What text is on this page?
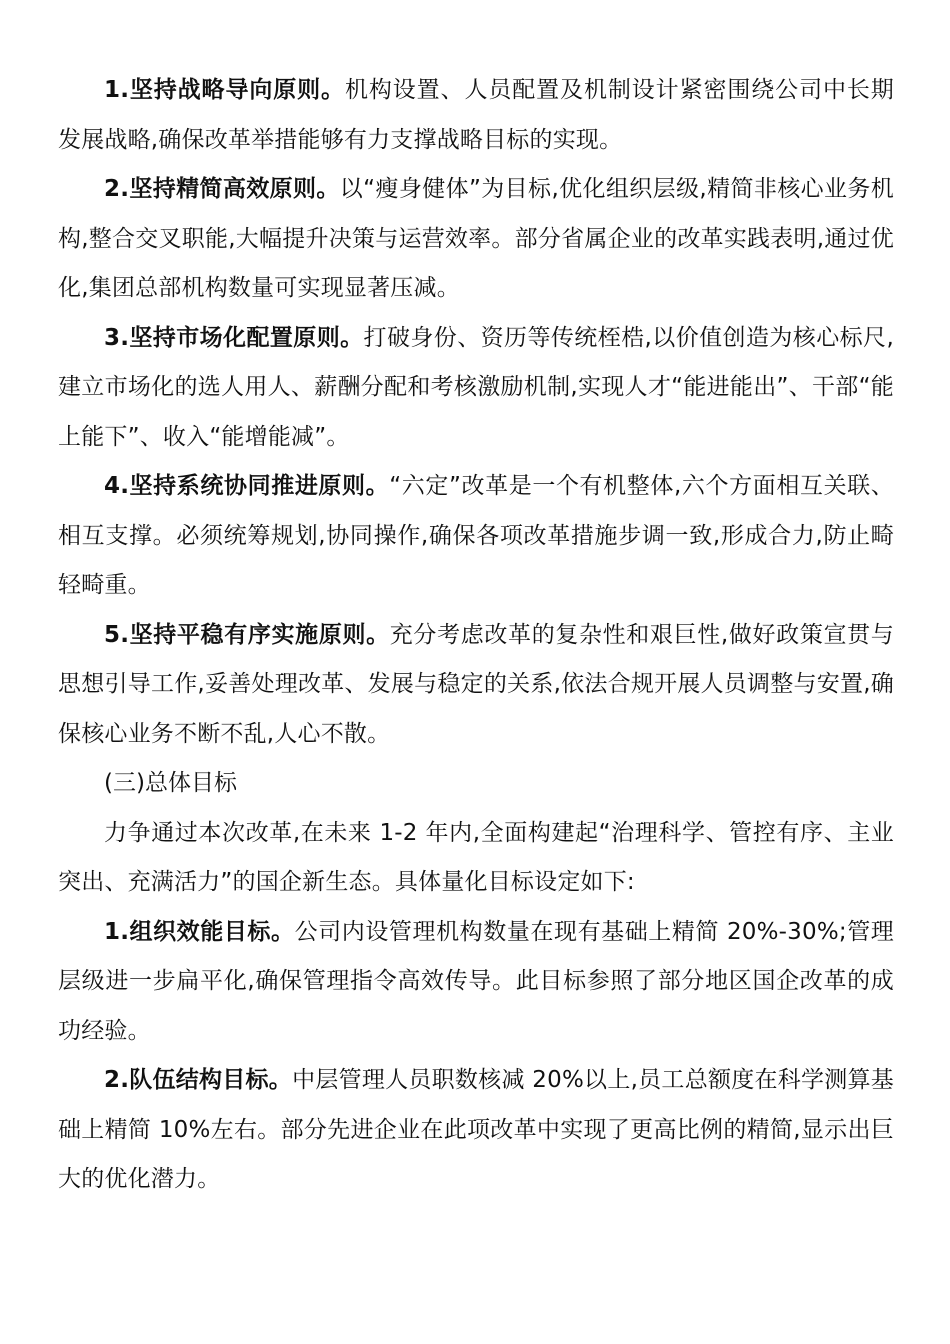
1.坚持战略导向原则。机构设置、人员配置及机制设计紧密围绕公司中长期发展战略,确保改革举措能够有力支撑战略目标的实现。

2.坚持精简高效原则。以“瘦身健体”为目标,优化组织层级,精简非核心业务机构,整合交叉职能,大幅提升决策与运营效率。部分省属企业的改革实践表明,通过优化,集团总部机构数量可实现显著压减。

3.坚持市场化配置原则。打破身份、资历等传统桎梏,以价值创造为核心标尺,建立市场化的选人用人、薪酬分配和考核激励机制,实现人才“能进能出”、干部“能上能下”、收入“能增能减”。

4.坚持系统协同推进原则。“六定”改革是一个有机整体,六个方面相互关联、相互支撑。必须统筹规划,协同操作,确保各项改革措施步调一致,形成合力,防止畸轻畸重。

5.坚持平稳有序实施原则。充分考虑改革的复杂性和艰巨性,做好政策宣贯与思想引导工作,妥善处理改革、发展与稳定的关系,依法合规开展人员调整与安置,确保核心业务不断不乱,人心不散。

(三)总体目标

力争通过本次改革,在未来 1-2 年内,全面构建起“治理科学、管控有序、主业突出、充满活力”的国企新生态。具体量化目标设定如下:

1.组织效能目标。公司内设管理机构数量在现有基础上精简 20%-30%;管理层级进一步扁平化,确保管理指令高效传导。此目标参照了部分地区国企改革的成功经验。

2.队伍结构目标。中层管理人员职数核减 20%以上,员工总额度在科学测算基础上精简 10%左右。部分先进企业在此项改革中实现了更高比例的精简,显示出巨大的优化潜力。
